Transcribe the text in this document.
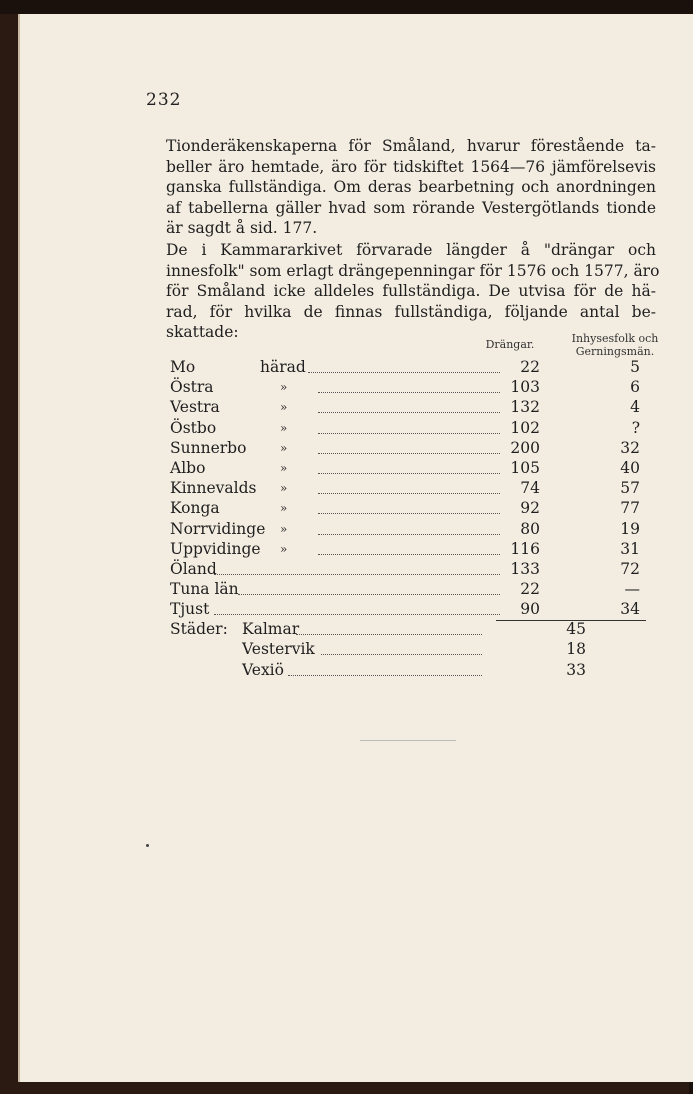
232
Tionderäkenskaperna för Småland, hvarur förestående ta-
beller äro hemtade, äro för tidskiftet 1564—76 jämförelsevis
ganska fullständiga. Om deras bearbetning och anordningen
af tabellerna gäller hvad som rörande Vestergötlands tionde
är sagdt å sid. 177.
De i Kammararkivet förvarade längder å "drängar och
innesfolk" som erlagt drängepenningar för 1576 och 1577, äro
för Småland icke alldeles fullständiga. De utvisa för de hä-
rad, för hvilka de finnas fullständiga, följande antal be-
skattade:
Drängar.	Inhysesfolk och
Gerningsmän.
Mo	härad	22	5
Östra	»	103	6
Vestra	»	132	4
Östbo	»	102	?
Sunnerbo	»	200	32
Albo	»	105	40
Kinnevalds »	74	57
Konga	»	92	77
Norrvidinge »	80	19
Uppvidinge »	116	31
Öland	133	72
Tuna län	22	—
Tjust	90	34
Städer: Kalmar	45
Vestervik	18
Vexiö	33
